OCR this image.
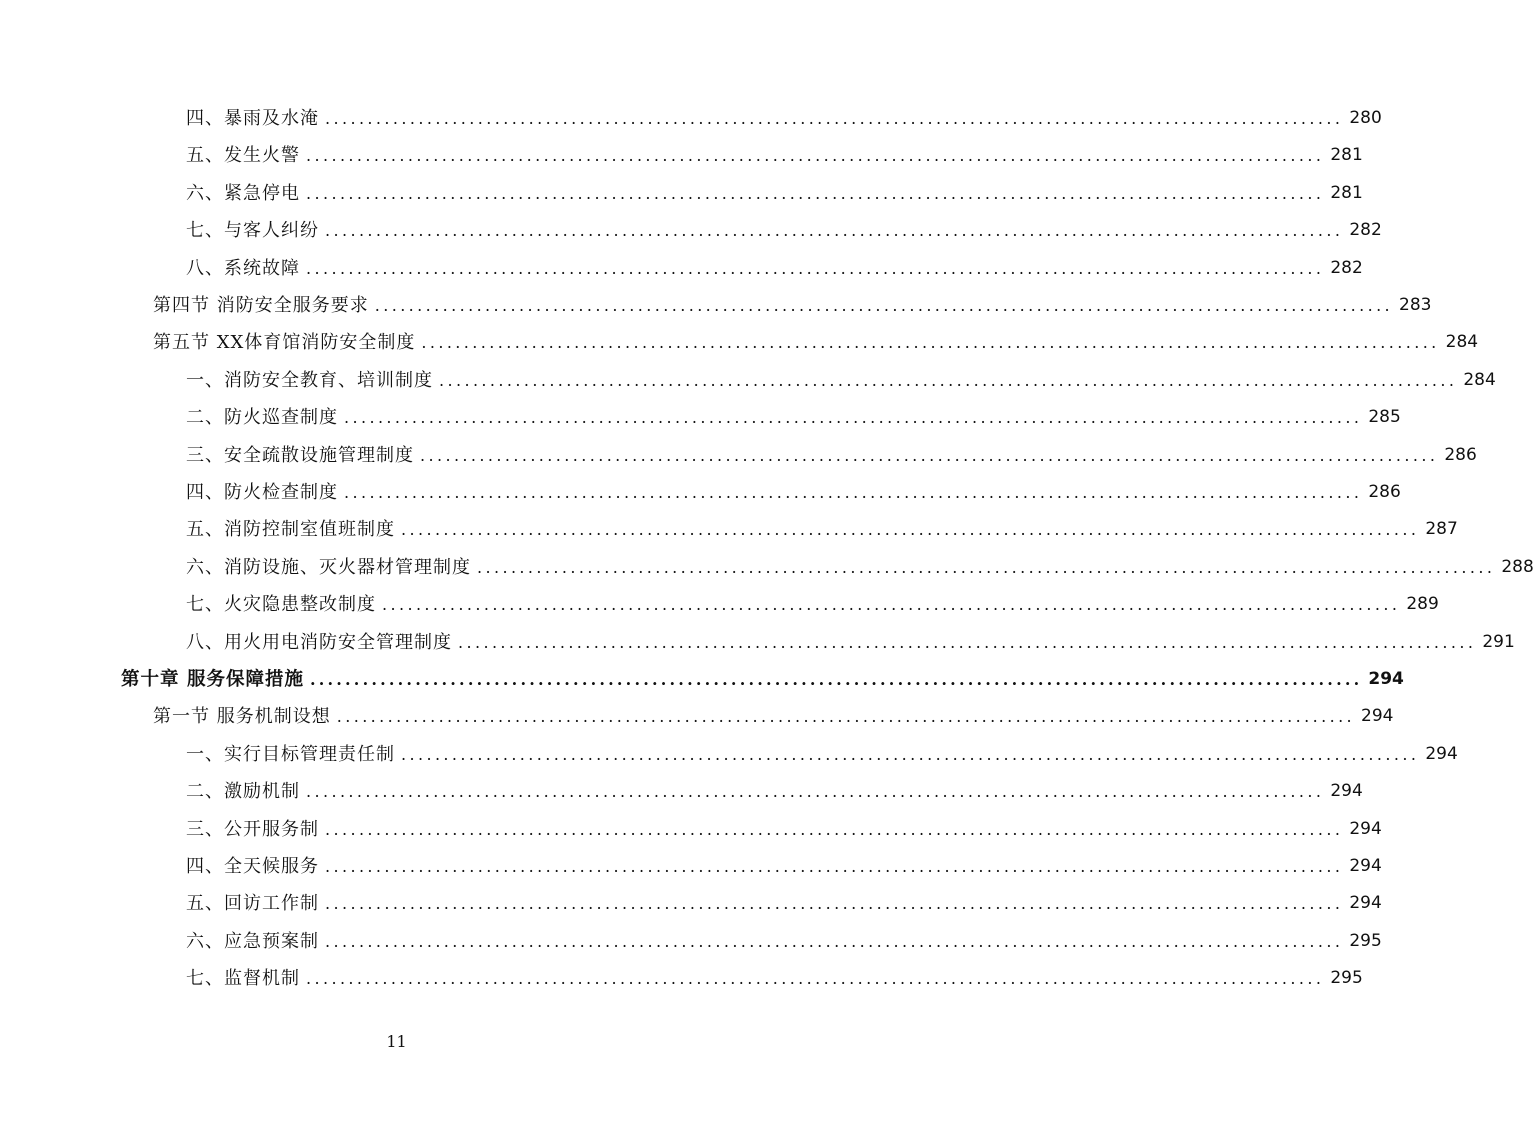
四、暴雨及水淹 ........................................................................................................................ 280
五、发生火警 ........................................................................................................................ 281
六、紧急停电 ........................................................................................................................ 281
七、与客人纠纷 ........................................................................................................................ 282
八、系统故障 ........................................................................................................................ 282
第四节 消防安全服务要求 ........................................................................................................................ 283
第五节 XX体育馆消防安全制度 ........................................................................................................................ 284
一、消防安全教育、培训制度 ........................................................................................................................ 284
二、防火巡查制度 ........................................................................................................................ 285
三、安全疏散设施管理制度 ........................................................................................................................ 286
四、防火检查制度 ........................................................................................................................ 286
五、消防控制室值班制度 ........................................................................................................................ 287
六、消防设施、灭火器材管理制度 ........................................................................................................................ 288
七、火灾隐患整改制度 ........................................................................................................................ 289
八、用火用电消防安全管理制度 ........................................................................................................................ 291
第十章 服务保障措施 ........................................................................................................................ 294
第一节 服务机制设想 ........................................................................................................................ 294
一、实行目标管理责任制 ........................................................................................................................ 294
二、激励机制 ........................................................................................................................ 294
三、公开服务制 ........................................................................................................................ 294
四、全天候服务 ........................................................................................................................ 294
五、回访工作制 ........................................................................................................................ 294
六、应急预案制 ........................................................................................................................ 295
七、监督机制 ........................................................................................................................ 295
11
